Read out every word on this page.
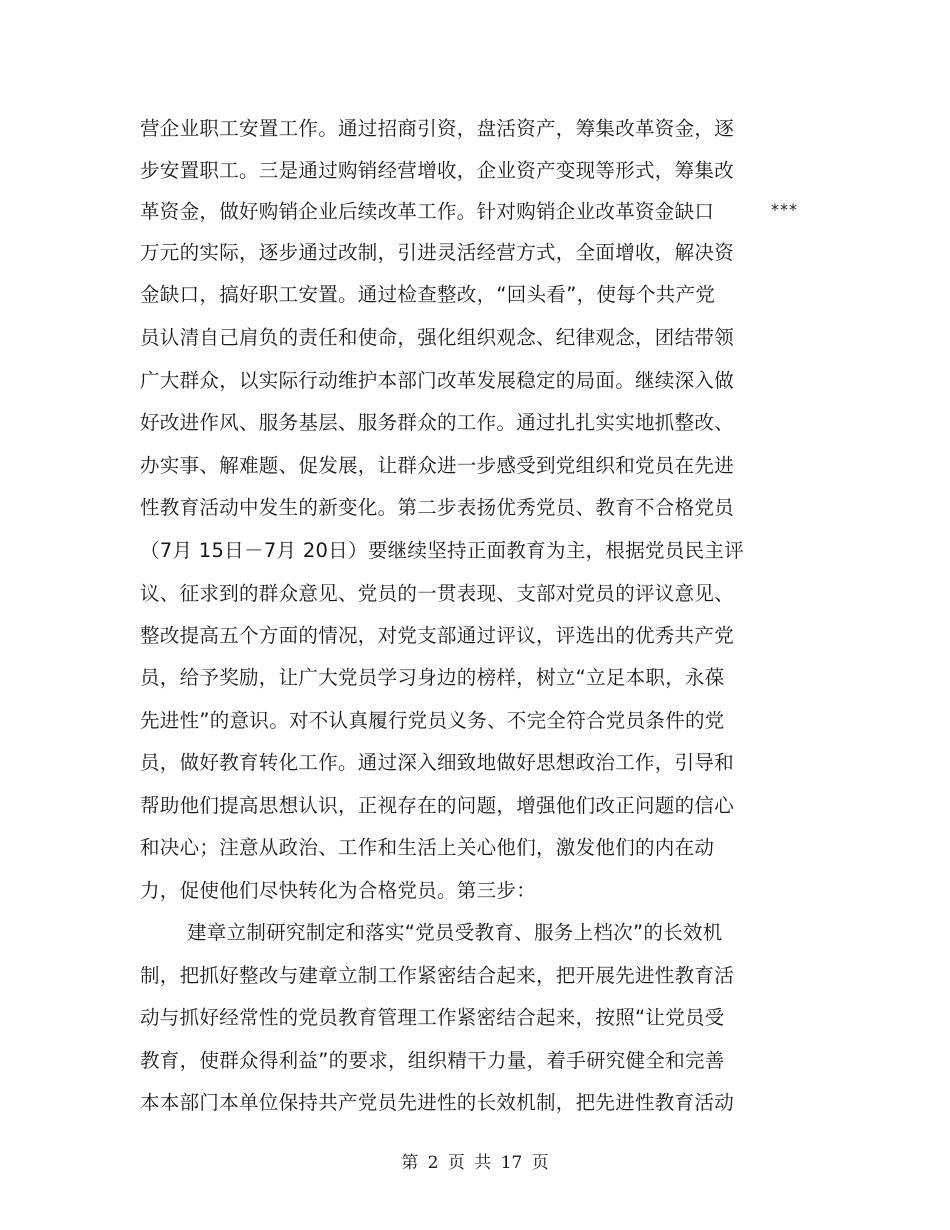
营企业职工安置工作。通过招商引资，盘活资产，筹集改革资金，逐
步安置职工。三是通过购销经营增收，企业资产变现等形式，筹集改
革资金，做好购销企业后续改革工作。针对购销企业改革资金缺口	***
万元的实际，逐步通过改制，引进灵活经营方式，全面增收，解决资
金缺口，搞好职工安置。通过检查整改，“回头看”，使每个共产党
员认清自己肩负的责任和使命，强化组织观念、纪律观念，团结带领
广大群众，以实际行动维护本部门改革发展稳定的局面。继续深入做
好改进作风、服务基层、服务群众的工作。通过扎扎实实地抓整改、
办实事、解难题、促发展，让群众进一步感受到党组织和党员在先进
性教育活动中发生的新变化。第二步表扬优秀党员、教育不合格党员
（7月 15日－7月 20日）要继续坚持正面教育为主，根据党员民主评
议、征求到的群众意见、党员的一贯表现、支部对党员的评议意见、
整改提高五个方面的情况，对党支部通过评议，评选出的优秀共产党
员，给予奖励，让广大党员学习身边的榜样，树立“立足本职，永葆
先进性”的意识。对不认真履行党员义务、不完全符合党员条件的党
员，做好教育转化工作。通过深入细致地做好思想政治工作，引导和
帮助他们提高思想认识，正视存在的问题，增强他们改正问题的信心
和决心；注意从政治、工作和生活上关心他们，激发他们的内在动
力，促使他们尽快转化为合格党员。第三步：
建章立制研究制定和落实“党员受教育、服务上档次”的长效机
制，把抓好整改与建章立制工作紧密结合起来，把开展先进性教育活
动与抓好经常性的党员教育管理工作紧密结合起来，按照“让党员受
教育，使群众得利益”的要求，组织精干力量，着手研究健全和完善
本本部门本单位保持共产党员先进性的长效机制，把先进性教育活动
第 2 页 共 17 页
